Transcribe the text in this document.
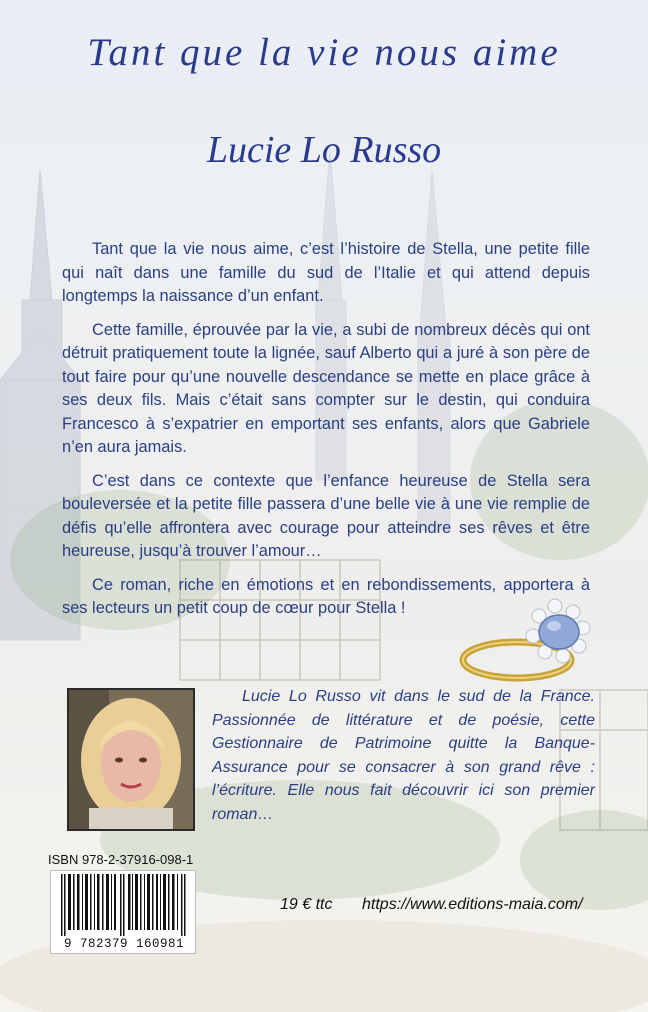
Tant que la vie nous aime
Lucie Lo Russo

Tant que la vie nous aime, c’est l’histoire de Stella, une petite fille qui naît dans une famille du sud de l’Italie et qui attend depuis longtemps la naissance d’un enfant.

Cette famille, éprouvée par la vie, a subi de nombreux décès qui ont détruit pratiquement toute la lignée, sauf Alberto qui a juré à son père de tout faire pour qu’une nouvelle descendance se mette en place grâce à ses deux fils. Mais c’était sans compter sur le destin, qui conduira Francesco à s’expatrier en emportant ses enfants, alors que Gabriele n’en aura jamais.

C’est dans ce contexte que l’enfance heureuse de Stella sera bouleversée et la petite fille passera d’une belle vie à une vie remplie de défis qu’elle affrontera avec courage pour atteindre ses rêves et être heureuse, jusqu’à trouver l’amour…

Ce roman, riche en émotions et en rebondissements, apportera à ses lecteurs un petit coup de cœur pour Stella !

Lucie Lo Russo vit dans le sud de la France. Passionnée de littérature et de poésie, cette Gestionnaire de Patrimoine quitte la Banque-Assurance pour se consacrer à son grand rêve : l’écriture. Elle nous fait découvrir ici son premier roman…

ISBN 978-2-37916-098-1
9 782379 160981
19 € ttc https://www.editions-maia.com/
